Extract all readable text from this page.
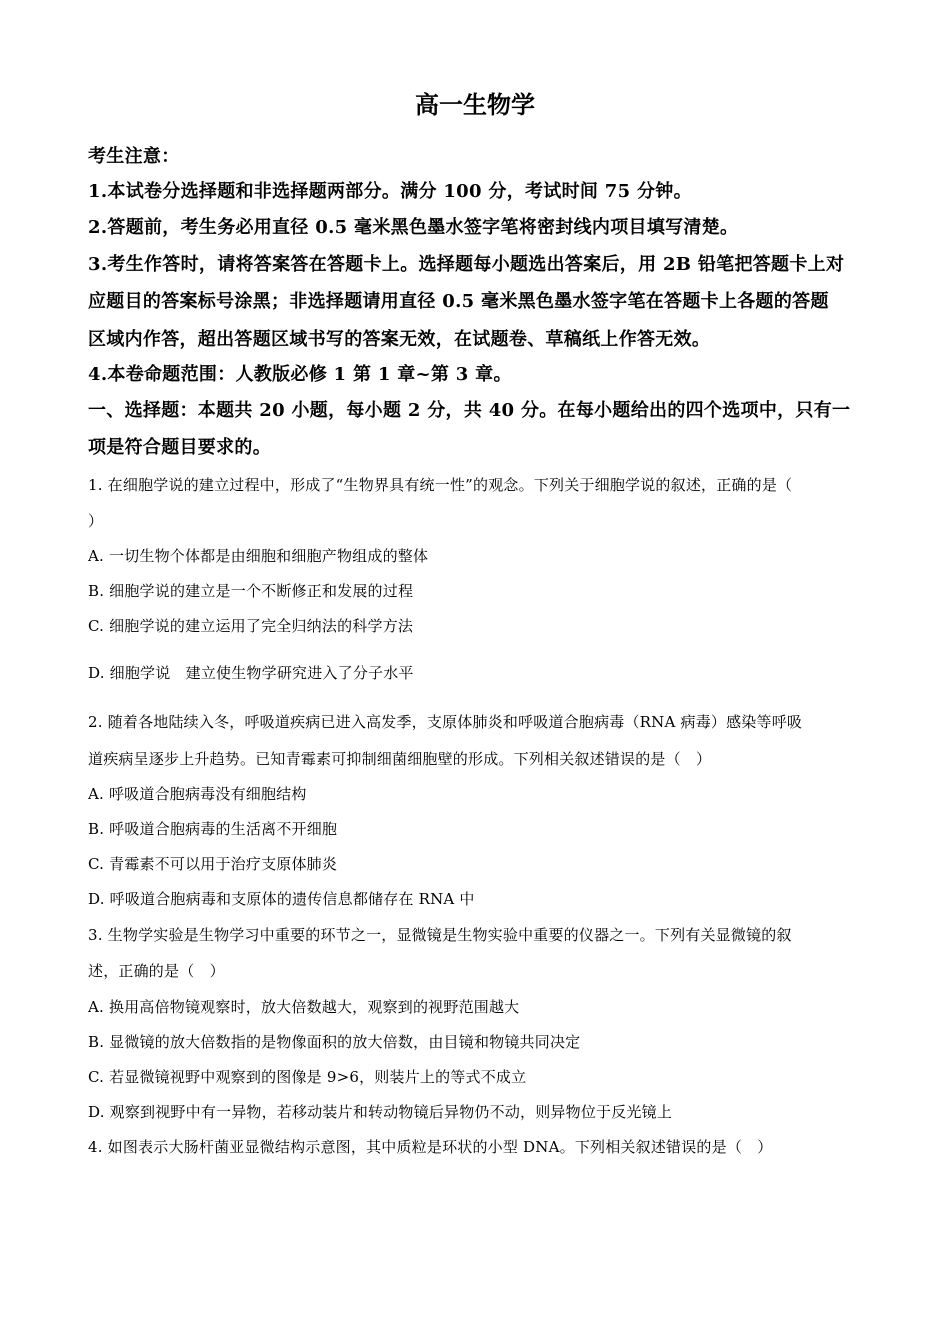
高一生物学
考生注意：
1.本试卷分选择题和非选择题两部分。满分 100 分，考试时间 75 分钟。
2.答题前，考生务必用直径 0.5 毫米黑色墨水签字笔将密封线内项目填写清楚。
3.考生作答时，请将答案答在答题卡上。选择题每小题选出答案后，用 2B 铅笔把答题卡上对
应题目的答案标号涂黑；非选择题请用直径 0.5 毫米黑色墨水签字笔在答题卡上各题的答题
区域内作答，超出答题区域书写的答案无效，在试题卷、草稿纸上作答无效。
4.本卷命题范围：人教版必修 1 第 1 章~第 3 章。
一、选择题：本题共 20 小题，每小题 2 分，共 40 分。在每小题给出的四个选项中，只有一
项是符合题目要求的。
1. 在细胞学说的建立过程中，形成了“生物界具有统一性”的观念。下列关于细胞学说的叙述，正确的是（
）
A. 一切生物个体都是由细胞和细胞产物组成的整体
B. 细胞学说的建立是一个不断修正和发展的过程
C. 细胞学说的建立运用了完全归纳法的科学方法
D. 细胞学说　建立使生物学研究进入了分子水平
2. 随着各地陆续入冬，呼吸道疾病已进入高发季，支原体肺炎和呼吸道合胞病毒（RNA 病毒）感染等呼吸
道疾病呈逐步上升趋势。已知青霉素可抑制细菌细胞壁的形成。下列相关叙述错误的是（　）
A. 呼吸道合胞病毒没有细胞结构
B. 呼吸道合胞病毒的生活离不开细胞
C. 青霉素不可以用于治疗支原体肺炎
D. 呼吸道合胞病毒和支原体的遗传信息都储存在 RNA 中
3. 生物学实验是生物学习中重要的环节之一，显微镜是生物实验中重要的仪器之一。下列有关显微镜的叙
述，正确的是（　）
A. 换用高倍物镜观察时，放大倍数越大，观察到的视野范围越大
B. 显微镜的放大倍数指的是物像面积的放大倍数，由目镜和物镜共同决定
C. 若显微镜视野中观察到的图像是 9>6，则装片上的等式不成立
D. 观察到视野中有一异物，若移动装片和转动物镜后异物仍不动，则异物位于反光镜上
4. 如图表示大肠杆菌亚显微结构示意图，其中质粒是环状的小型 DNA。下列相关叙述错误的是（　）
